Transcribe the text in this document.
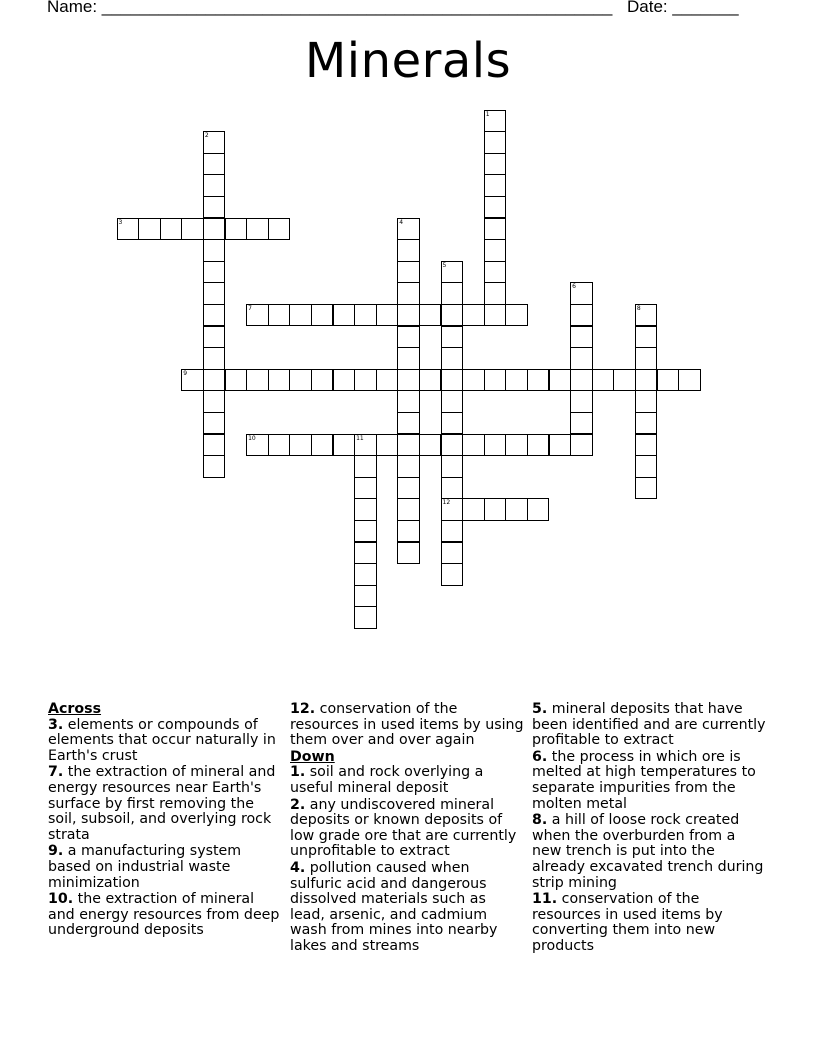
Name: ______________________________________________________ Date: _______
Minerals
1
2
3	4
5
12
6
7	8
9
10	11
Across
3. elements or compounds of elements that occur naturally in Earth's crust
7. the extraction of mineral and energy resources near Earth's surface by first removing the soil, subsoil, and overlying rock strata
9. a manufacturing system based on industrial waste minimization
10. the extraction of mineral and energy resources from deep underground deposits
12. conservation of the resources in used items by using them over and over again
Down
1. soil and rock overlying a useful mineral deposit
2. any undiscovered mineral deposits or known deposits of low grade ore that are currently unprofitable to extract
4. pollution caused when sulfuric acid and dangerous dissolved materials such as lead, arsenic, and cadmium wash from mines into nearby lakes and streams
5. mineral deposits that have been identified and are currently profitable to extract
6. the process in which ore is melted at high temperatures to separate impurities from the molten metal
8. a hill of loose rock created when the overburden from a new trench is put into the already excavated trench during strip mining
11. conservation of the resources in used items by converting them into new products
